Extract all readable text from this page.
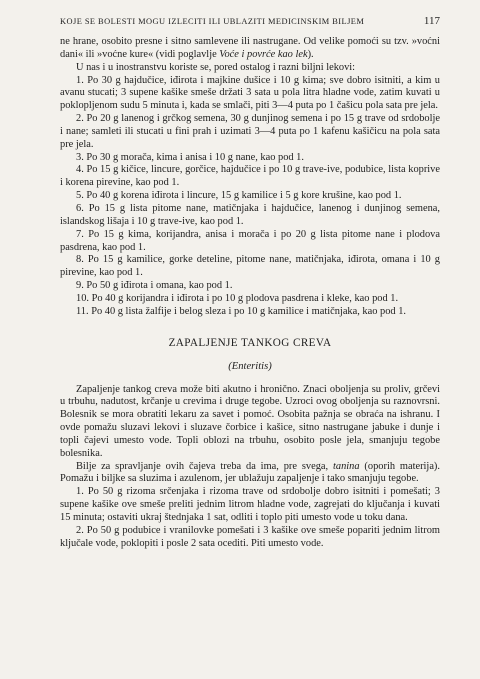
KOJE SE BOLESTI MOGU IZLECITI ILI UBLAZITI MEDICINSKIM BILJEM	117

ne hrane, osobito presne i sitno samlevene ili nastrugane. Od velike pomoći su tzv. »voćni dani« ili »voćne kure« (vidi poglavlje Voće i povrće kao lek).

U nas i u inostranstvu koriste se, pored ostalog i razni biljni lekovi:

1. Po 30 g hajdučice, iđirota i majkine dušice i 10 g kima; sve dobro isitniti, a kim u avanu stucati; 3 supene kašike smeše držati 3 sata u pola litra hladne vode, zatim kuvati u poklopljenom sudu 5 minuta i, kada se smlači, piti 3—4 puta po 1 čašicu pola sata pre jela.

2. Po 20 g lanenog i grčkog semena, 30 g dunjinog semena i po 15 g trave od srdobolje i nane; samleti ili stucati u fini prah i uzimati 3—4 puta po 1 kafenu kašičicu na pola sata pre jela.

3. Po 30 g morača, kima i anisa i 10 g nane, kao pod 1.

4. Po 15 g kičice, lincure, gorčice, hajdučice i po 10 g trave-ive, podubice, lista koprive i korena pirevine, kao pod 1.

5. Po 40 g korena iđirota i lincure, 15 g kamilice i 5 g kore krušine, kao pod 1.

6. Po 15 g lista pitome nane, matičnjaka i hajdučice, lanenog i dunjinog semena, islandskog lišaja i 10 g trave-ive, kao pod 1.

7. Po 15 g kima, korijandra, anisa i morača i po 20 g lista pitome nane i plodova pasdrena, kao pod 1.

8. Po 15 g kamilice, gorke deteline, pitome nane, matičnjaka, iđirota, omana i 10 g pirevine, kao pod 1.

9. Po 50 g iđirota i omana, kao pod 1.

10. Po 40 g korijandra i iđirota i po 10 g plodova pasdrena i kleke, kao pod 1.

11. Po 40 g lista žalfije i belog sleza i po 10 g kamilice i matičnjaka, kao pod 1.

ZAPALJENJE TANKOG CREVA
(Enteritis)

Zapaljenje tankog creva može biti akutno i hronično. Znaci oboljenja su proliv, grčevi u trbuhu, nadutost, krčanje u crevima i druge tegobe. Uzroci ovog oboljenja su raznovrsni. Bolesnik se mora obratiti lekaru za savet i pomoć. Osobita pažnja se obraća na ishranu. I ovde pomažu sluzavi lekovi i sluzave čorbice i kašice, sitno nastrugane jabuke i dunje i topli čajevi umesto vode. Topli oblozi na trbuhu, osobito posle jela, smanjuju tegobe bolesnika.

Bilje za spravljanje ovih čajeva treba da ima, pre svega, tanina (oporih materija). Pomažu i biljke sa sluzima i azulenom, jer ublažuju zapaljenje i tako smanjuju tegobe.

1. Po 50 g rizoma srčenjaka i rizoma trave od srdobolje dobro isitniti i pomešati; 3 supene kašike ove smeše preliti jednim litrom hladne vode, zagrejati do ključanja i kuvati 15 minuta; ostaviti ukraj štednjaka 1 sat, odliti i toplo piti umesto vode u toku dana.

2. Po 50 g podubice i vranilovke pomešati i 3 kašike ove smeše popariti jednim litrom ključale vode, poklopiti i posle 2 sata ocediti. Piti umesto vode.
